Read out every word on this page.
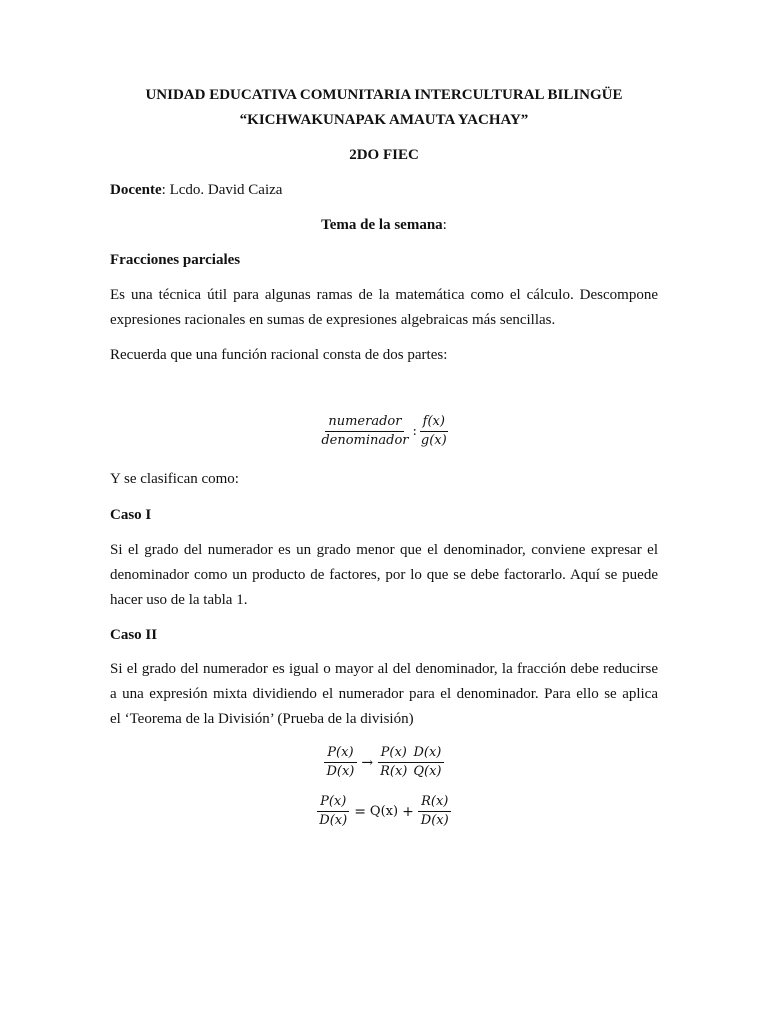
UNIDAD EDUCATIVA COMUNITARIA INTERCULTURAL BILINGÜE
“KICHWAKUNAPAK AMAUTA YACHAY”
2DO FIEC
Docente: Lcdo. David Caiza
Tema de la semana:
Fracciones parciales
Es una técnica útil para algunas ramas de la matemática como el cálculo. Descompone
expresiones racionales en sumas de expresiones algebraicas más sencillas.
Recuerda que una función racional consta de dos partes:
$\frac{\text{numerador}}{\text{denominador}}$ : $\frac{f(x)}{g(x)}$
Y se clasifican como:
Caso I
Si el grado del numerador es un grado menor que el denominador, conviene expresar el
denominador como un producto de factores, por lo que se debe factorarlo. Aquí se puede
hacer uso de la tabla 1.
Caso II
Si el grado del numerador es igual o mayor al del denominador, la fracción debe reducirse
a una expresión mixta dividiendo el numerador para el denominador. Para ello se aplica
el ‘Teorema de la División’ (Prueba de la división)
$\frac{P(x)}{D(x)} \to \frac{P(x)}{R(x)} \frac{D(x)}{Q(x)}$
$\frac{P(x)}{D(x)} = Q(x) + \frac{R(x)}{D(x)}$
